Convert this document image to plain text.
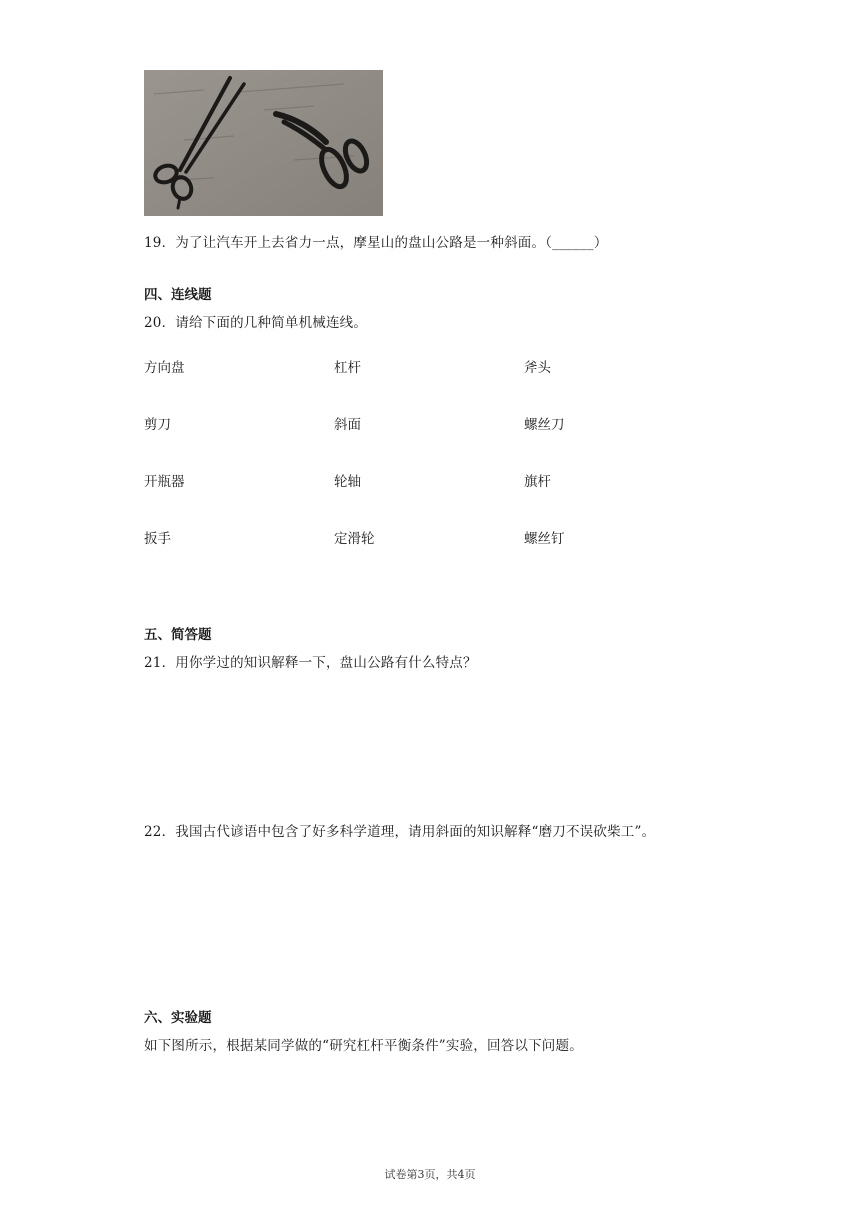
19．为了让汽车开上去省力一点，摩星山的盘山公路是一种斜面。（______）
四、连线题
20．请给下面的几种简单机械连线。
方向盘	杠杆	斧头
剪刀	斜面	螺丝刀
开瓶器	轮轴	旗杆
扳手	定滑轮	螺丝钉
五、简答题
21．用你学过的知识解释一下，盘山公路有什么特点？
22．我国古代谚语中包含了好多科学道理，请用斜面的知识解释“磨刀不误砍柴工”。
六、实验题
如下图所示，根据某同学做的“研究杠杆平衡条件”实验，回答以下问题。
试卷第3页，共4页
